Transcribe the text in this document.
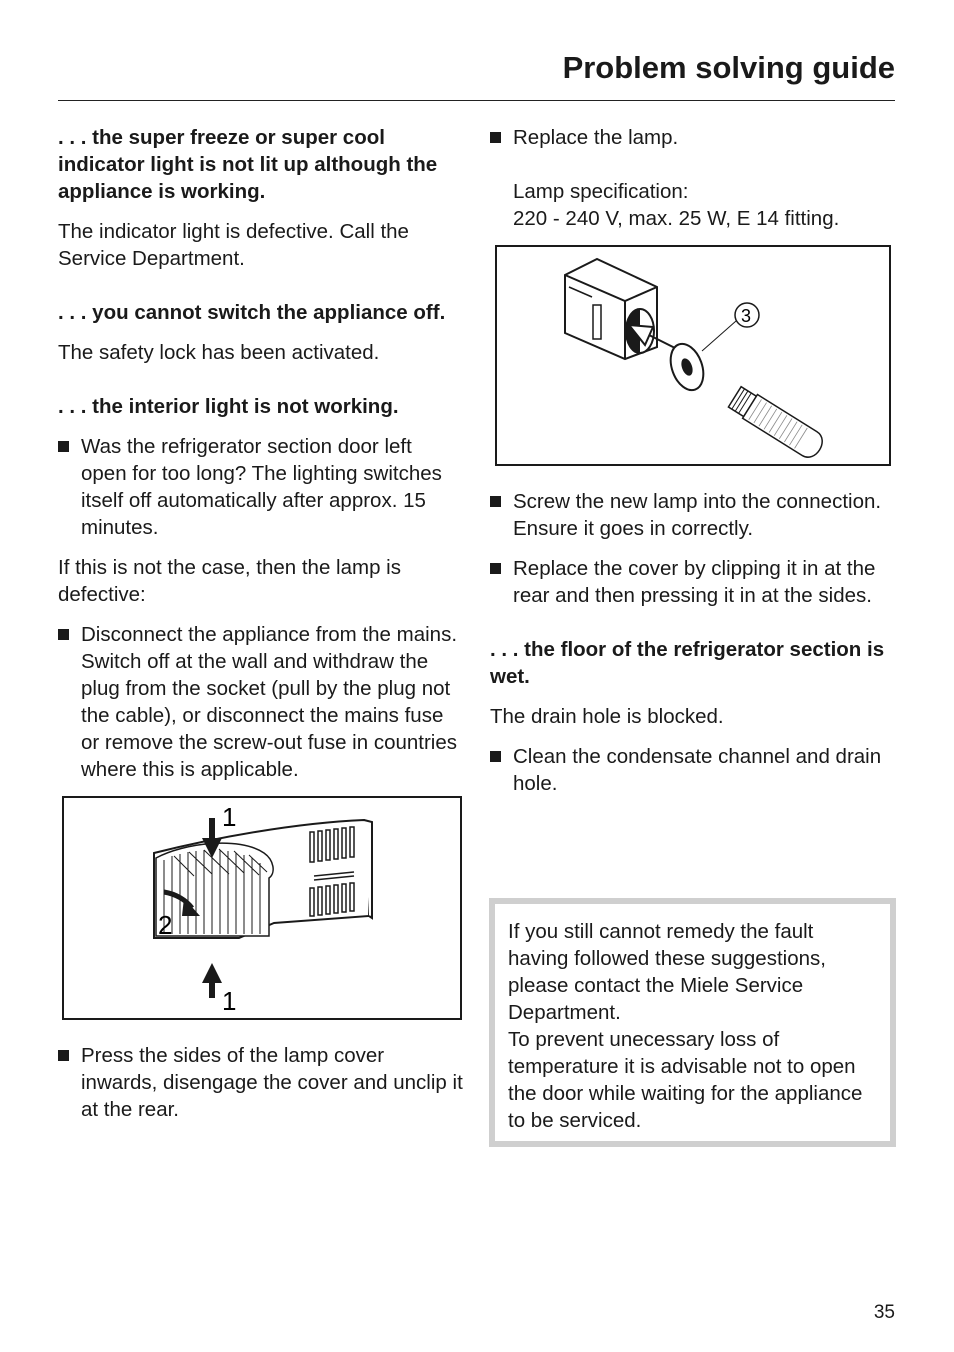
Problem solving guide

. . . the super freeze or super cool indicator light is not lit up although the appliance is working.

The indicator light is defective. Call the Service Department.

. . . you cannot switch the appliance off.

The safety lock has been activated.

. . . the interior light is not working.

Was the refrigerator section door left open for too long? The lighting switches itself off automatically after approx. 15 minutes.

If this is not the case, then the lamp is defective:

Disconnect the appliance from the mains. Switch off at the wall and withdraw the plug from the socket (pull by the plug not the cable), or disconnect the mains fuse or remove the screw-out fuse in countries where this is applicable.
1
2
1
Press the sides of the lamp cover inwards, disengage the cover and unclip it at the rear.
Replace the lamp.

Lamp specification:

220 - 240 V, max. 25 W, E 14 fitting.

3
Screw the new lamp into the connection. Ensure it goes in correctly.
Replace the cover by clipping it in at the rear and then pressing it in at the sides.

. . . the floor of the refrigerator section is wet.

The drain hole is blocked.

Clean the condensate channel and drain hole.

If you still cannot remedy the fault having followed these suggestions, please contact the Miele Service Department.

To prevent unecessary loss of temperature it is advisable not to open the door while waiting for the appliance to be serviced.

35
